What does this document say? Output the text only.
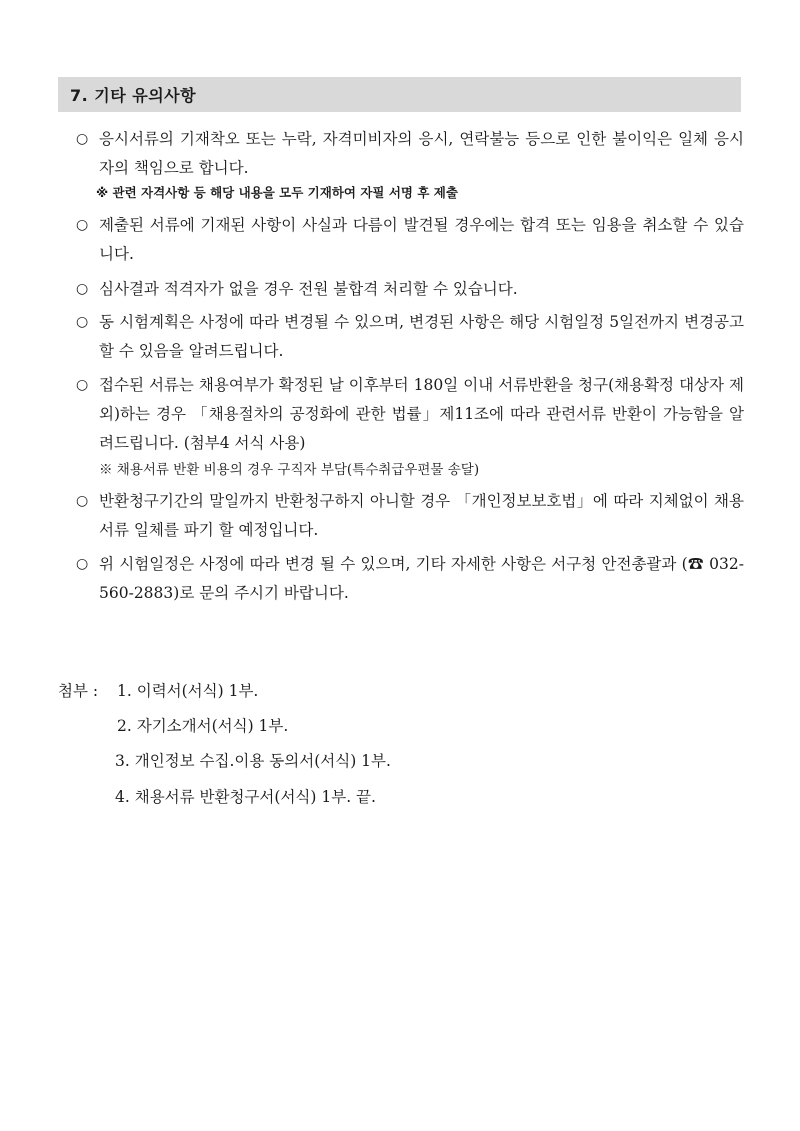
7. 기타 유의사항
○ 응시서류의 기재착오 또는 누락, 자격미비자의 응시, 연락불능 등으로 인한 불이익은 일체 응시자의 책임으로 합니다.
※ 관련 자격사항 등 해당 내용을 모두 기재하여 자필 서명 후 제출
○ 제출된 서류에 기재된 사항이 사실과 다름이 발견될 경우에는 합격 또는 임용을 취소할 수 있습니다.
○ 심사결과 적격자가 없을 경우 전원 불합격 처리할 수 있습니다.
○ 동 시험계획은 사정에 따라 변경될 수 있으며, 변경된 사항은 해당 시험일정 5일전까지 변경공고 할 수 있음을 알려드립니다.
○ 접수된 서류는 채용여부가 확정된 날 이후부터 180일 이내 서류반환을 청구(채용확정 대상자 제외)하는 경우 「채용절차의 공정화에 관한 법률」제11조에 따라 관련서류 반환이 가능함을 알려드립니다. (첨부4 서식 사용)
※ 채용서류 반환 비용의 경우 구직자 부담(특수취급우편물 송달)
○ 반환청구기간의 말일까지 반환청구하지 아니할 경우 「개인정보보호법」에 따라 지체없이 채용서류 일체를 파기 할 예정입니다.
○ 위 시험일정은 사정에 따라 변경 될 수 있으며, 기타 자세한 사항은 서구청 안전총괄과 (☎ 032-560-2883)로 문의 주시기 바랍니다.
첨부 : 1. 이력서(서식) 1부.
2. 자기소개서(서식) 1부.
3. 개인정보 수집.이용 동의서(서식) 1부.
4. 채용서류 반환청구서(서식) 1부. 끝.
